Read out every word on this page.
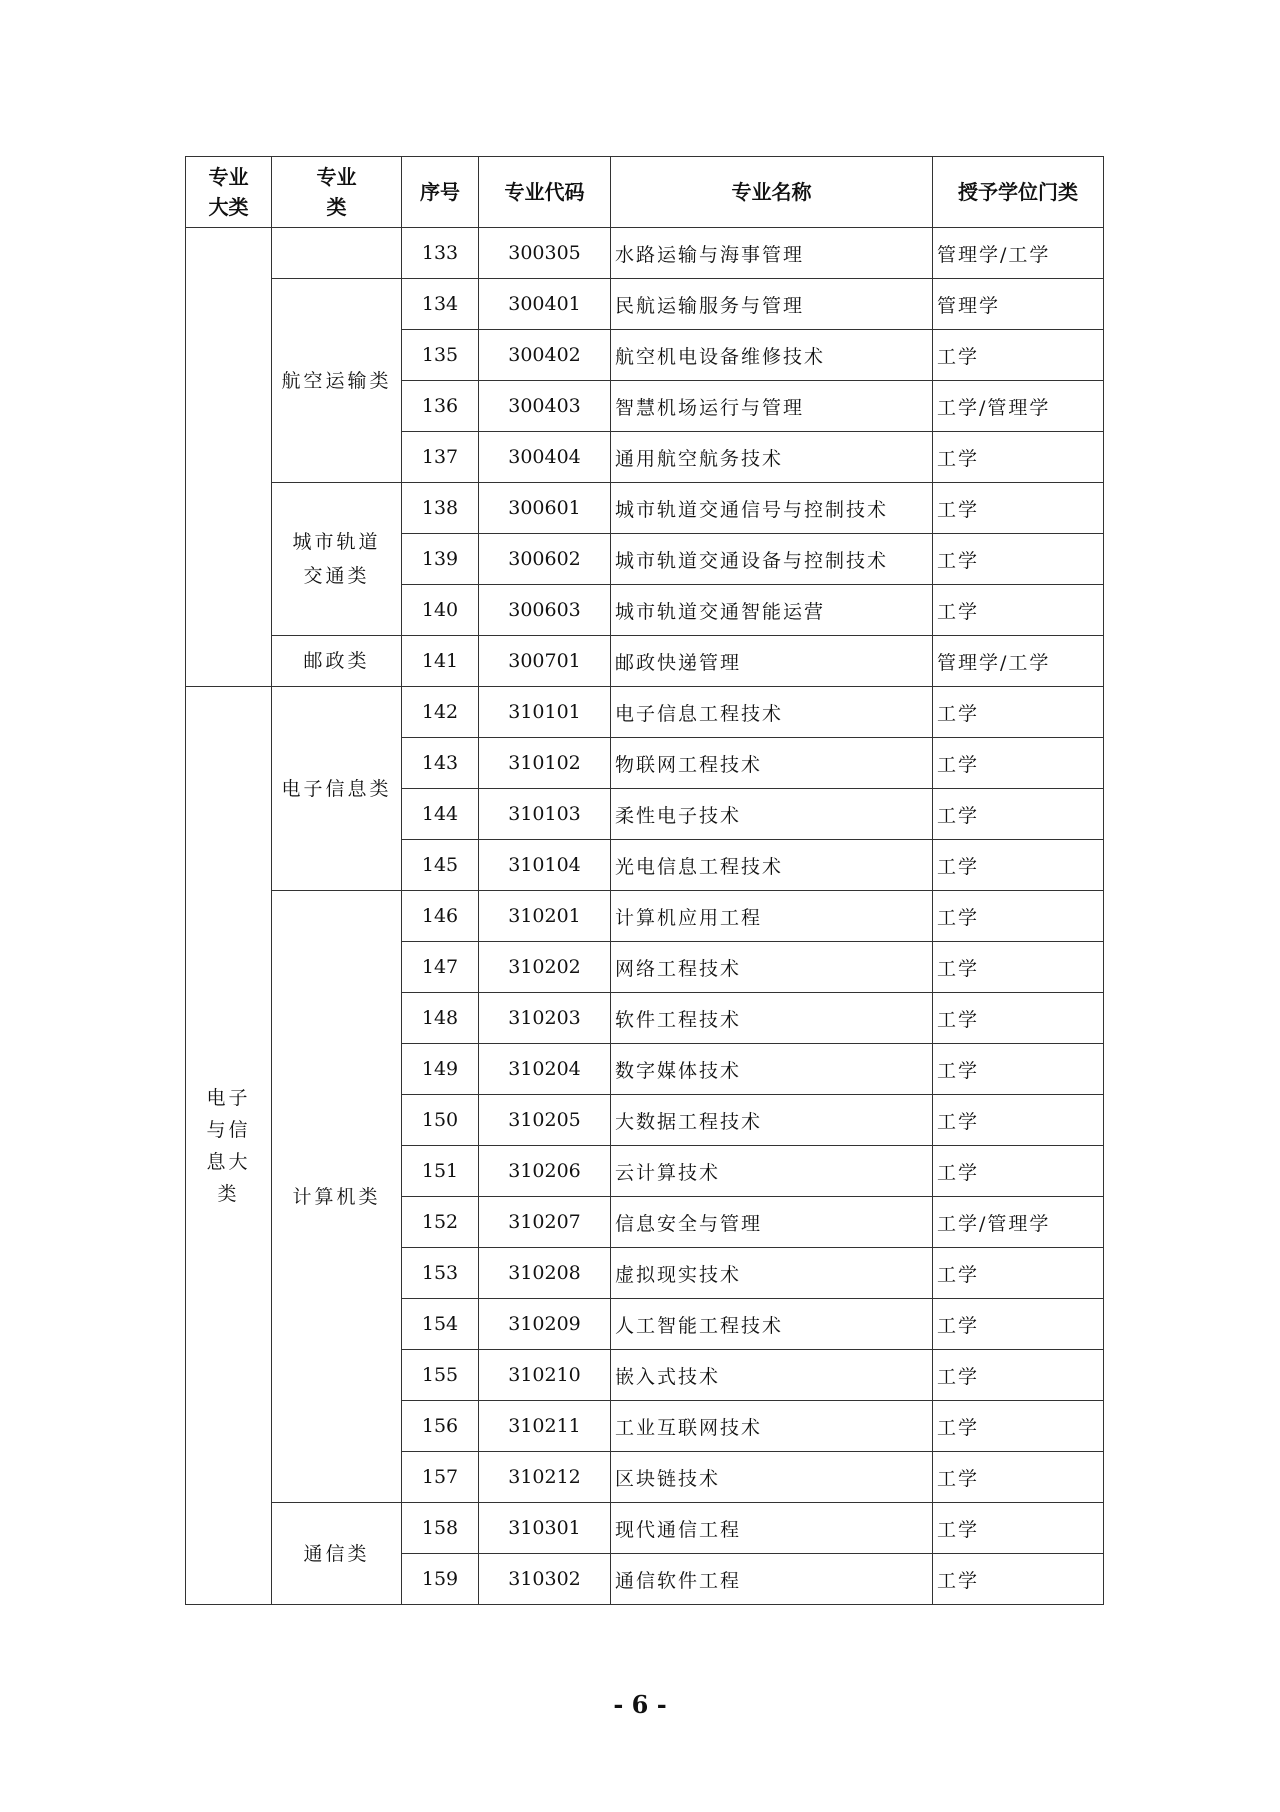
专业大类	专业类	序号	专业代码	专业名称	授予学位门类
		133	300305	水路运输与海事管理	管理学/工学
	航空运输类	134	300401	民航运输服务与管理	管理学
		135	300402	航空机电设备维修技术	工学
		136	300403	智慧机场运行与管理	工学/管理学
		137	300404	通用航空航务技术	工学
	城市轨道交通类	138	300601	城市轨道交通信号与控制技术	工学
		139	300602	城市轨道交通设备与控制技术	工学
		140	300603	城市轨道交通智能运营	工学
	邮政类	141	300701	邮政快递管理	管理学/工学
电子与信息大类	电子信息类	142	310101	电子信息工程技术	工学
		143	310102	物联网工程技术	工学
		144	310103	柔性电子技术	工学
		145	310104	光电信息工程技术	工学
	计算机类	146	310201	计算机应用工程	工学
		147	310202	网络工程技术	工学
		148	310203	软件工程技术	工学
		149	310204	数字媒体技术	工学
		150	310205	大数据工程技术	工学
		151	310206	云计算技术	工学
		152	310207	信息安全与管理	工学/管理学
		153	310208	虚拟现实技术	工学
		154	310209	人工智能工程技术	工学
		155	310210	嵌入式技术	工学
		156	310211	工业互联网技术	工学
		157	310212	区块链技术	工学
	通信类	158	310301	现代通信工程	工学
		159	310302	通信软件工程	工学
- 6 -
